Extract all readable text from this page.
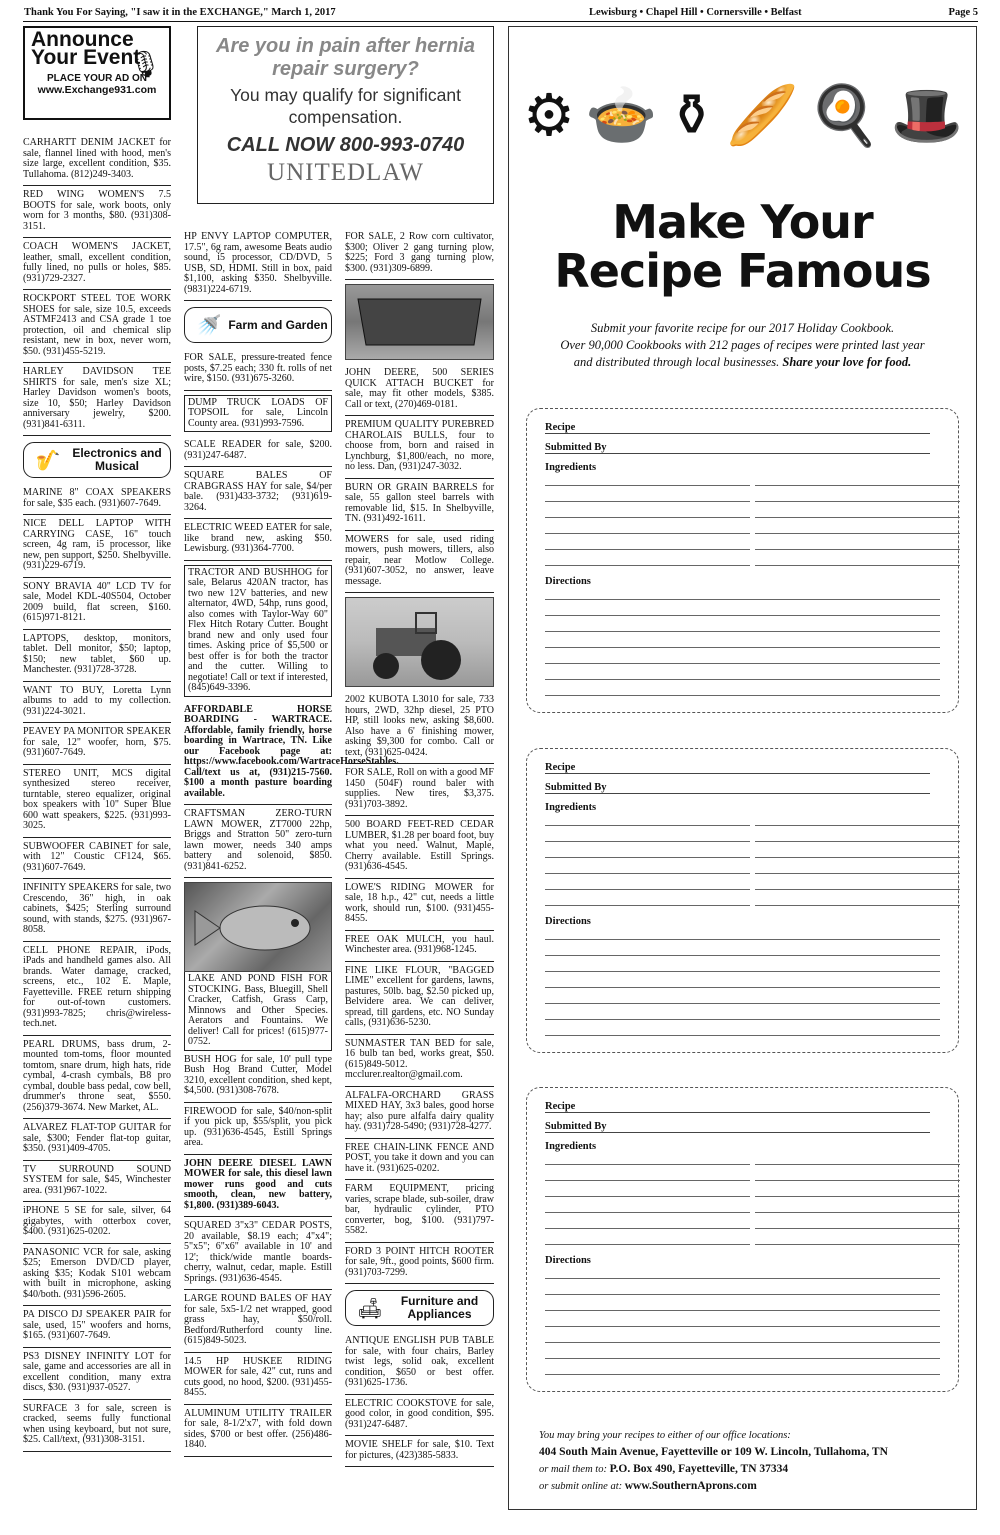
Thank You For Saying, "I saw it in the EXCHANGE," March 1, 2017	Lewisburg • Chapel Hill • Cornersville • Belfast	Page 5
Announce Your Event
🎙
PLACE YOUR AD ON
www.Exchange931.com
CARHARTT DENIM JACKET for sale, flannel lined with hood, men's size large, excellent condition, $35. Tullahoma. (812)249-3403.
RED WING WOMEN'S 7.5 BOOTS for sale, work boots, only worn for 3 months, $80. (931)308-3151.
COACH WOMEN'S JACKET, leather, small, excellent condition, fully lined, no pulls or holes, $85. (931)729-2327.
ROCKPORT STEEL TOE WORK SHOES for sale, size 10.5, exceeds ASTMF2413 and CSA grade 1 toe protection, oil and chemical slip resistant, new in box, never worn, $50. (931)455-5219.
HARLEY DAVIDSON TEE SHIRTS for sale, men's size XL; Harley Davidson women's boots, size 10, $50; Harley Davidson anniversary jewelry, $200. (931)841-6311.
🎷 Electronics and Musical
MARINE 8" COAX SPEAKERS for sale, $35 each. (931)607-7649.
NICE DELL LAPTOP WITH CARRYING CASE, 16" touch screen, 4g ram, i5 processor, like new, pen support, $250. Shelbyville. (931)229-6719.
SONY BRAVIA 40" LCD TV for sale, Model KDL-40S504, October 2009 build, flat screen, $160. (615)971-8121.
LAPTOPS, desktop, monitors, tablet. Dell monitor, $50; laptop, $150; new tablet, $60 up. Manchester. (931)728-3728.
WANT TO BUY, Loretta Lynn albums to add to my collection. (931)224-3021.
PEAVEY PA MONITOR SPEAKER for sale, 12" woofer, horn, $75. (931)607-7649.
STEREO UNIT, MCS digital synthesized stereo receiver, turntable, stereo equalizer, original box speakers with 10" Super Blue 600 watt speakers, $225. (931)993-3025.
SUBWOOFER CABINET for sale, with 12" Coustic CF124, $65. (931)607-7649.
INFINITY SPEAKERS for sale, two Crescendo, 36" high, in oak cabinets, $425; Sterling surround sound, with stands, $275. (931)967-8058.
CELL PHONE REPAIR, iPods, iPads and handheld games also. All brands. Water damage, cracked, screens, etc., 102 E. Maple, Fayetteville. FREE return shipping for out-of-town customers. (931)993-7825; chris@wireless-tech.net.
PEARL DRUMS, bass drum, 2-mounted tom-toms, floor mounted tomtom, snare drum, high hats, ride cymbal, 4-crash cymbals, B8 pro cymbal, double bass pedal, cow bell, drummer's throne seat, $550. (256)379-3674. New Market, AL.
ALVAREZ FLAT-TOP GUITAR for sale, $300; Fender flat-top guitar, $350. (931)409-4705.
TV SURROUND SOUND SYSTEM for sale, $45, Winchester area. (931)967-1022.
iPHONE 5 SE for sale, silver, 64 gigabytes, with otterbox cover, $400. (931)625-0202.
PANASONIC VCR for sale, asking $25; Emerson DVD/CD player, asking $35; Kodak S101 webcam with built in microphone, asking $40/both. (931)596-2605.
PA DISCO DJ SPEAKER PAIR for sale, used, 15" woofers and horns, $165. (931)607-7649.
PS3 DISNEY INFINITY LOT for sale, game and accessories are all in excellent condition, many extra discs, $30. (931)937-0527.
SURFACE 3 for sale, screen is cracked, seems fully functional when using keyboard, but not sure, $25. Call/text, (931)308-3151.
Are you in pain after hernia repair surgery?
You may qualify for significant compensation.
CALL NOW 800-993-0740
UNITEDLAW
HP ENVY LAPTOP COMPUTER, 17.5", 6g ram, awesome Beats audio sound, i5 processor, CD/DVD, 5 USB, SD, HDMI. Still in box, paid $1,100, asking $350. Shelbyville. (9831)224-6719.
🚿 Farm and Garden
FOR SALE, pressure-treated fence posts, $7.25 each; 330 ft. rolls of net wire, $150. (931)675-3260.
DUMP TRUCK LOADS OF TOPSOIL for sale, Lincoln County area. (931)993-7596.
SCALE READER for sale, $200. (931)247-6487.
SQUARE BALES OF CRABGRASS HAY for sale, $4/per bale. (931)433-3732; (931)619-3264.
ELECTRIC WEED EATER for sale, like brand new, asking $50. Lewisburg. (931)364-7700.
TRACTOR AND BUSHHOG for sale, Belarus 420AN tractor, has two new 12V batteries, and new alternator, 4WD, 54hp, runs good, also comes with Taylor-Way 60" Flex Hitch Rotary Cutter. Bought brand new and only used four times. Asking price of $5,500 or best offer is for both the tractor and the cutter. Willing to negotiate! Call or text if interested, (845)649-3396.
AFFORDABLE HORSE BOARDING - WARTRACE. Affordable, family friendly, horse boarding in Wartrace, TN. Like our Facebook page at: https://www.facebook.com/WartraceHorseStables. Call/text us at, (931)215-7560. $100 a month pasture boarding available.
CRAFTSMAN ZERO-TURN LAWN MOWER, ZT7000 22hp, Briggs and Stratton 50" zero-turn lawn mower, needs 340 amps battery and solenoid, $850. (931)841-6252.
LAKE AND POND FISH FOR STOCKING. Bass, Bluegill, Shell Cracker, Catfish, Grass Carp, Minnows and Other Species. Aerators and Fountains. We deliver! Call for prices! (615)977-0752.
BUSH HOG for sale, 10' pull type Bush Hog Brand Cutter, Model 3210, excellent condition, shed kept, $4,500. (931)308-7678.
FIREWOOD for sale, $40/non-split if you pick up, $55/split, you pick up. (931)636-4545, Estill Springs area.
JOHN DEERE DIESEL LAWN MOWER for sale, this diesel lawn mower runs good and cuts smooth, clean, new battery, $1,800. (931)389-6043.
SQUARED 3"x3" CEDAR POSTS, 20 available, $8.19 each; 4"x4"; 5"x5"; 6"x6" available in 10' and 12'; thick/wide mantle boards-cherry, walnut, cedar, maple. Estill Springs. (931)636-4545.
LARGE ROUND BALES OF HAY for sale, 5x5-1/2 net wrapped, good grass hay, $50/roll. Bedford/Rutherford county line. (615)849-5023.
14.5 HP HUSKEE RIDING MOWER for sale, 42" cut, runs and cuts good, no hood, $200. (931)455-8455.
ALUMINUM UTILITY TRAILER for sale, 8-1/2'x7', with fold down sides, $700 or best offer. (256)486-1840.
FOR SALE, 2 Row corn cultivator, $300; Oliver 2 gang turning plow, $225; Ford 3 gang turning plow, $300. (931)309-6899.
JOHN DEERE, 500 SERIES QUICK ATTACH BUCKET for sale, may fit other models, $385. Call or text, (270)469-0181.
PREMIUM QUALITY PUREBRED CHAROLAIS BULLS, four to choose from, born and raised in Lynchburg, $1,800/each, no more, no less. Dan, (931)247-3032.
BURN OR GRAIN BARRELS for sale, 55 gallon steel barrels with removable lid, $15. In Shelbyville, TN. (931)492-1611.
MOWERS for sale, used riding mowers, push mowers, tillers, also repair, near Motlow College. (931)607-3052, no answer, leave message.
2002 KUBOTA L3010 for sale, 733 hours, 2WD, 32hp diesel, 25 PTO HP, still looks new, asking $8,600. Also have a 6' finishing mower, asking $9,300 for combo. Call or text, (931)625-0424.
FOR SALE, Roll on with a good MF 1450 (504F) round baler with supplies. New tires, $3,375. (931)703-3892.
500 BOARD FEET-RED CEDAR LUMBER, $1.28 per board foot, buy what you need. Walnut, Maple, Cherry available. Estill Springs. (931)636-4545.
LOWE'S RIDING MOWER for sale, 18 h.p., 42" cut, needs a little work, should run, $100. (931)455-8455.
FREE OAK MULCH, you haul. Winchester area. (931)968-1245.
FINE LIKE FLOUR, "BAGGED LIME" excellent for gardens, lawns, pastures, 50lb. bag, $2.50 picked up, Belvidere area. We can deliver, spread, till gardens, etc. NO Sunday calls, (931)636-5230.
SUNMASTER TAN BED for sale, 16 bulb tan bed, works great, $50. (615)849-5012. mcclurer.realtor@gmail.com.
ALFALFA-ORCHARD GRASS MIXED HAY, 3x3 bales, good horse hay; also pure alfalfa dairy quality hay. (931)728-5490; (931)728-4277.
FREE CHAIN-LINK FENCE AND POST, you take it down and you can have it. (931)625-0202.
FARM EQUIPMENT, pricing varies, scrape blade, sub-soiler, draw bar, hydraulic cylinder, PTO converter, bog, $100. (931)797-5582.
FORD 3 POINT HITCH ROOTER for sale, 9ft., good points, $600 firm. (931)703-7299.
🛋	Furniture and Appliances
ANTIQUE ENGLISH PUB TABLE for sale, with four chairs, Barley twist legs, solid oak, excellent condition, $650 or best offer. (931)625-1736.
ELECTRIC COOKSTOVE for sale, good color, in good condition, $95. (931)247-6487.
MOVIE SHELF for sale, $10. Text for pictures, (423)385-5833.
⚙ 🍲 ⚱ 🥖 🍳 🎩
Make Your
Recipe Famous
Submit your favorite recipe for our 2017 Holiday Cookbook.
Over 90,000 Cookbooks with 212 pages of recipes were printed last year
and distributed through local businesses. Share your love for food.
Recipe
Submitted By
Ingredients
Directions
Recipe
Submitted By
Ingredients
Directions
Recipe
Submitted By
Ingredients
Directions
You may bring your recipes to either of our office locations:
404 South Main Avenue, Fayetteville or 109 W. Lincoln, Tullahoma, TN
or mail them to: P.O. Box 490, Fayetteville, TN 37334
or submit online at: www.SouthernAprons.com
